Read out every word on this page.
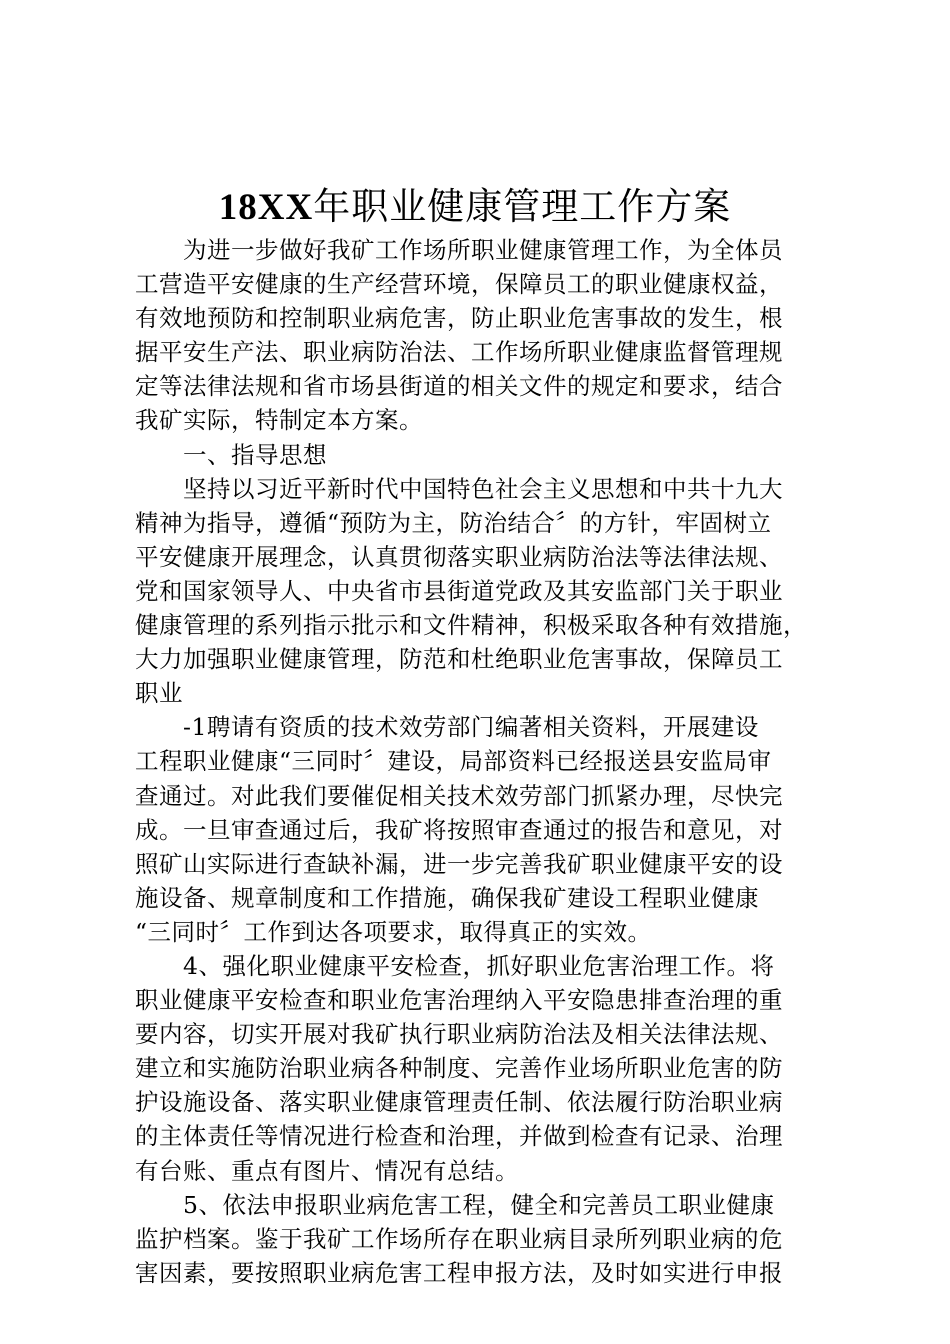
18XX年职业健康管理工作方案
为进一步做好我矿工作场所职业健康管理工作，为全体员
工营造平安健康的生产经营环境，保障员工的职业健康权益，
有效地预防和控制职业病危害，防止职业危害事故的发生，根
据平安生产法、职业病防治法、工作场所职业健康监督管理规
定等法律法规和省市场县街道的相关文件的规定和要求，结合
我矿实际，特制定本方案。
一、指导思想
坚持以习近平新时代中国特色社会主义思想和中共十九大
精神为指导，遵循“预防为主，防治结合〞的方针，牢固树立
平安健康开展理念，认真贯彻落实职业病防治法等法律法规、
党和国家领导人、中央省市县街道党政及其安监部门关于职业
健康管理的系列指示批示和文件精神，积极采取各种有效措施，
大力加强职业健康管理，防范和杜绝职业危害事故，保障员工
职业
-1聘请有资质的技术效劳部门编著相关资料，开展建设
工程职业健康“三同时〞建设，局部资料已经报送县安监局审
查通过。对此我们要催促相关技术效劳部门抓紧办理，尽快完
成。一旦审查通过后，我矿将按照审查通过的报告和意见，对
照矿山实际进行查缺补漏，进一步完善我矿职业健康平安的设
施设备、规章制度和工作措施，确保我矿建设工程职业健康
“三同时〞工作到达各项要求，取得真正的实效。
4、强化职业健康平安检查，抓好职业危害治理工作。将
职业健康平安检查和职业危害治理纳入平安隐患排查治理的重
要内容，切实开展对我矿执行职业病防治法及相关法律法规、
建立和实施防治职业病各种制度、完善作业场所职业危害的防
护设施设备、落实职业健康管理责任制、依法履行防治职业病
的主体责任等情况进行检查和治理，并做到检查有记录、治理
有台账、重点有图片、情况有总结。
5、依法申报职业病危害工程，健全和完善员工职业健康
监护档案。鉴于我矿工作场所存在职业病目录所列职业病的危
害因素，要按照职业病危害工程申报方法，及时如实进行申报
